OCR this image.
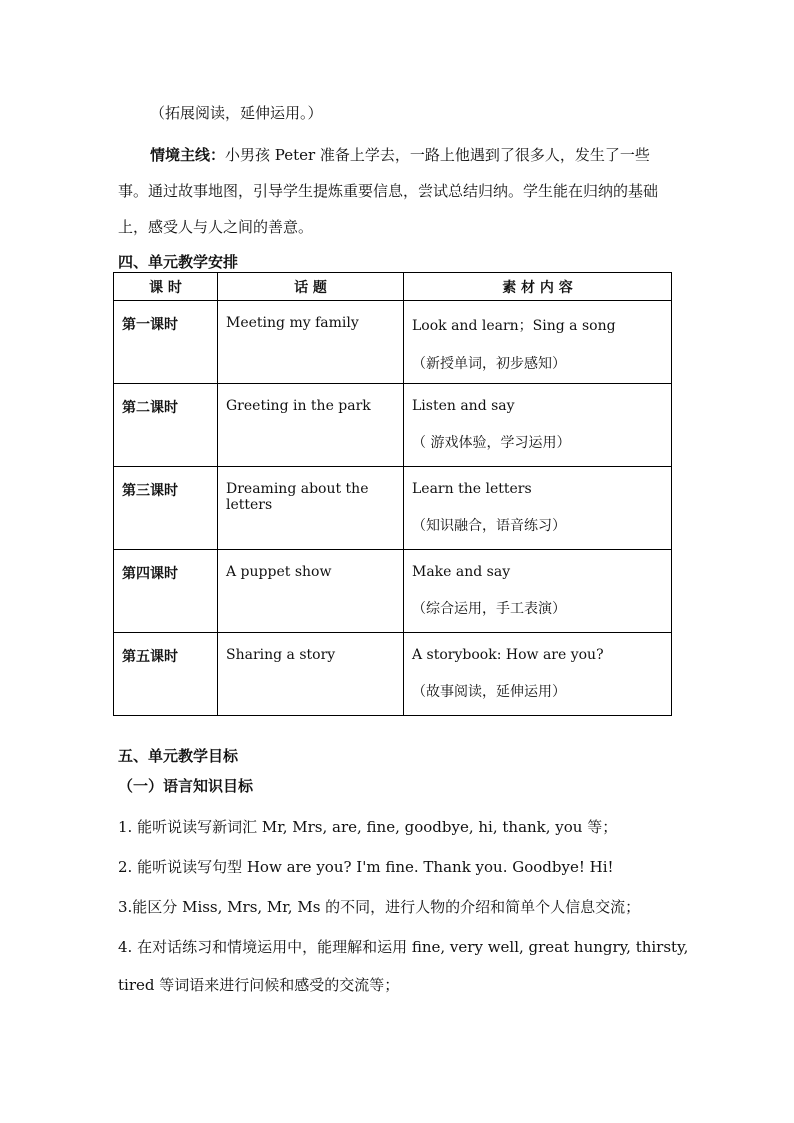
（拓展阅读，延伸运用。）
情境主线：小男孩 Peter 准备上学去，一路上他遇到了很多人，发生了一些事。通过故事地图，引导学生提炼重要信息，尝试总结归纳。学生能在归纳的基础上，感受人与人之间的善意。
四、单元教学安排
课 时	话 题	素 材 内 容
第一课时	Meeting my family	Look and learn；Sing a song
（新授单词，初步感知）

第二课时	Greeting in the park	Listen and say
（ 游戏体验，学习运用）

第三课时	Dreaming about the letters	Learn the letters
（知识融合，语音练习）

第四课时	A puppet show	Make and say
（综合运用，手工表演）

第五课时	Sharing a story	A storybook: How are you?
（故事阅读，延伸运用）
五、单元教学目标
（一）语言知识目标
1. 能听说读写新词汇 Mr, Mrs, are, fine, goodbye, hi, thank, you 等；
2. 能听说读写句型 How are you? I'm fine. Thank you. Goodbye! Hi!
3.能区分 Miss, Mrs, Mr, Ms 的不同，进行人物的介绍和简单个人信息交流；
4. 在对话练习和情境运用中，能理解和运用 fine, very well, great hungry, thirsty,
tired 等词语来进行问候和感受的交流等；
